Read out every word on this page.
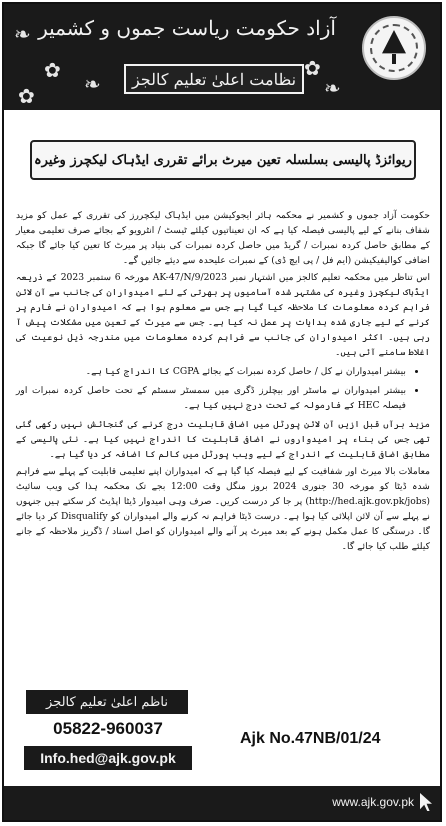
❧
✿
❧
✿	❧
✿
آزاد حکومت ریاست جموں و کشمیر
نظامت اعلیٰ تعلیم کالجز
ریوائزڈ پالیسی بسلسلہ تعین میرٹ برائے تقرری ایڈہاک لیکچرز وغیرہ

حکومت آزاد جموں و کشمیر نے محکمہ ہائر ایجوکیشن میں ایڈہاک لیکچررز کی تقرری کے عمل کو مزید شفاف بنانے کے لیے پالیسی فیصلہ کیا ہے کہ ان تعیناتیوں کیلئے ٹیسٹ / انٹرویو کے بجائے صرف تعلیمی معیار کے مطابق حاصل کردہ نمبرات / گریڈ میں حاصل کردہ نمبرات کی بنیاد پر میرٹ کا تعین کیا جائے گا جبکہ اضافی کوالیفیکیشن (ایم فل / پی ایچ ڈی) کے نمبرات علیحدہ سے دیئے جائیں گے۔

اس تناظر میں محکمہ تعلیم کالجز میں اشتہار نمبر AK-47/N/9/2023 مورخہ 6 ستمبر 2023 کے ذریعہ ایڈہاک لیکچرز وغیرہ کی مشتہر شدہ آسامیوں پر بھرتی کے لئے امیدواران کی جانب سے آن لائن فراہم کردہ معلومات کا ملاحظہ کیا گیا ہے جس سے معلوم ہوا ہے کہ امیدواران نے فارم پر کرنے کے لیے جاری شدہ ہدایات پر عمل نہ کیا ہے۔ جس سے میرٹ کے تعین میں مشکلات پیش آ رہی ہیں۔ اکثر امیدواران کی جانب سے فراہم کردہ معلومات میں مندرجہ ذیل نوعیت کی اغلاط سامنے آئی ہیں۔

• بیشتر امیدواران نے کل / حاصل کردہ نمبرات کے بجائے CGPA کا اندراج کیا ہے۔
• بیشتر امیدواران نے ماسٹر اور بیچلرز ڈگری میں سمسٹر سسٹم کے تحت حاصل کردہ نمبرات اور فیصلہ HEC کے فارمولہ کے تحت درج نہیں کیا ہے۔

مزید برآں قبل ازیں آن لائن پورٹل میں اضافی قابلیت درج کرنے کی گنجائش نہیں رکھی گئی تھی جس کی بناء پر امیدواروں نے اضافی قابلیت کا اندراج نہیں کیا ہے۔ نئی پالیسی کے مطابق اضافی قابلیت کے اندراج کے لیے ویب پورٹل میں کالم کا اضافہ کر دیا گیا ہے۔

معاملات بالا میرٹ اور شفافیت کے لیے فیصلہ کیا گیا ہے کہ امیدواران اپنے تعلیمی قابلیت کے پہلے سے فراہم شدہ ڈیٹا کو مورخہ 30 جنوری 2024 بروز منگل وقت 12:00 بجے تک محکمہ ہذا کی ویب سائیٹ (http://hed.ajk.gov.pk/jobs) پر جا کر درست کریں۔ صرف وہی امیدوار ڈیٹا اپڈیٹ کر سکتے ہیں جنہوں نے پہلے سے آن لائن اپلائی کیا ہوا ہے۔ درست ڈیٹا فراہم نہ کرنے والے امیدواران کو Disqualify کر دیا جائے گا۔ درستگی کا عمل مکمل ہونے کے بعد میرٹ پر آنے والے امیدواران کو اصل اسناد / ڈگریز ملاحظہ کے جانے کیلئے طلب کیا جائے گا۔

ناظم اعلیٰ تعلیم کالجز
05822-960037
Info.hed@ajk.gov.pk
Ajk No.47NB/01/24
www.ajk.gov.pk
